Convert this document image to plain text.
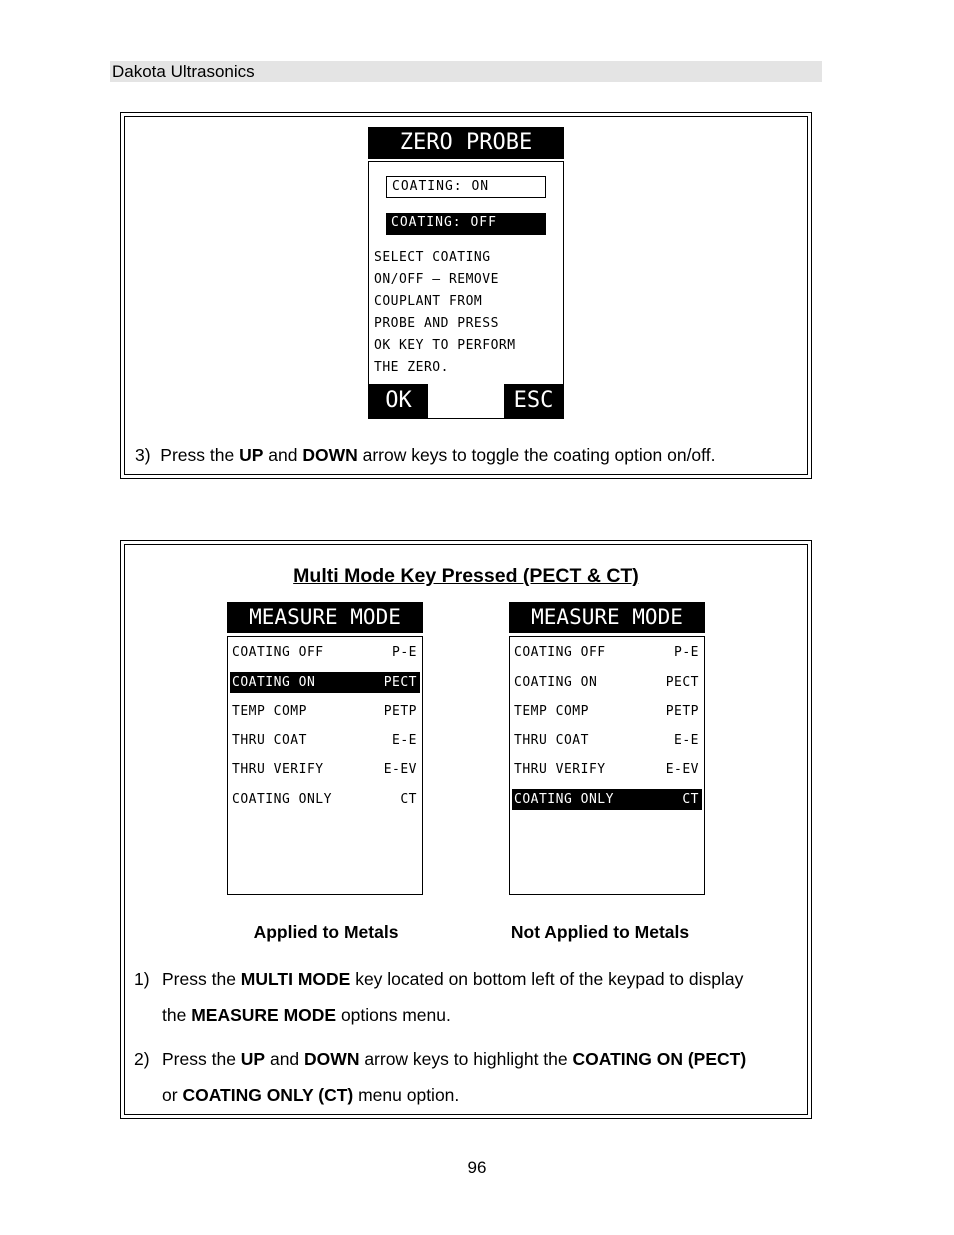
Dakota Ultrasonics
ZERO PROBE
COATING: ON
COATING: OFF
SELECT COATING
ON/OFF – REMOVE
COUPLANT FROM
PROBE AND PRESS
OK KEY TO PERFORM
THE ZERO.
OK	ESC
3) Press the UP and DOWN arrow keys to toggle the coating option on/off.
Multi Mode Key Pressed (PECT & CT)
MEASURE MODE
COATING OFF	P-E
COATING ON	PECT
TEMP COMP	PETP
THRU COAT	E-E
THRU VERIFY	E-EV
COATING ONLY	CT
MEASURE MODE
COATING OFF	P-E
COATING ON	PECT
TEMP COMP	PETP
THRU COAT	E-E
THRU VERIFY	E-EV
COATING ONLY	CT
Applied to Metals	Not Applied to Metals
1) Press the MULTI MODE key located on bottom left of the keypad to display
the MEASURE MODE options menu.
2) Press the UP and DOWN arrow keys to highlight the COATING ON (PECT)
or COATING ONLY (CT) menu option.
96
